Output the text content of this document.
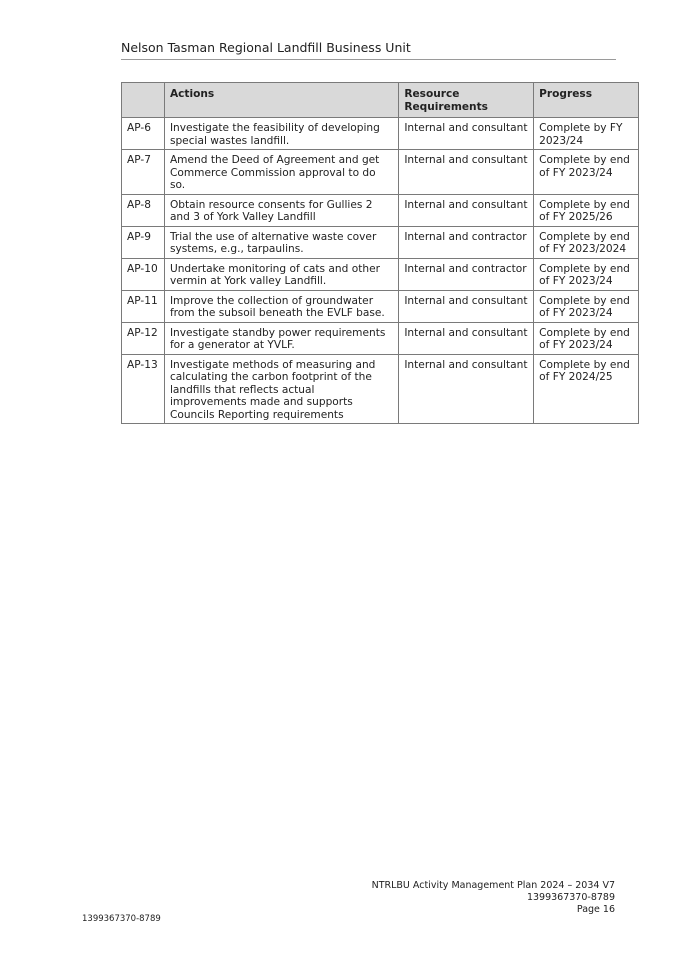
Nelson Tasman Regional Landfill Business Unit
	Actions	Resource Requirements	Progress
AP-6	Investigate the feasibility of developing special wastes landfill.	Internal and consultant	Complete by FY 2023/24
AP-7	Amend the Deed of Agreement and get Commerce Commission approval to do so.	Internal and consultant	Complete by end of FY 2023/24
AP-8	Obtain resource consents for Gullies 2 and 3 of York Valley Landfill	Internal and consultant	Complete by end of FY 2025/26
AP-9	Trial the use of alternative waste cover systems, e.g., tarpaulins.	Internal and contractor	Complete by end of FY 2023/2024
AP-10	Undertake monitoring of cats and other vermin at York valley Landfill.	Internal and contractor	Complete by end of FY 2023/24
AP-11	Improve the collection of groundwater from the subsoil beneath the EVLF base.	Internal and consultant	Complete by end of FY 2023/24
AP-12	Investigate standby power requirements for a generator at YVLF.	Internal and consultant	Complete by end of FY 2023/24
AP-13	Investigate methods of measuring and calculating the carbon footprint of the landfills that reflects actual improvements made and supports Councils Reporting requirements	Internal and consultant	Complete by end of FY 2024/25
NTRLBU Activity Management Plan 2024 – 2034 V7
1399367370-8789
Page 16
1399367370-8789
